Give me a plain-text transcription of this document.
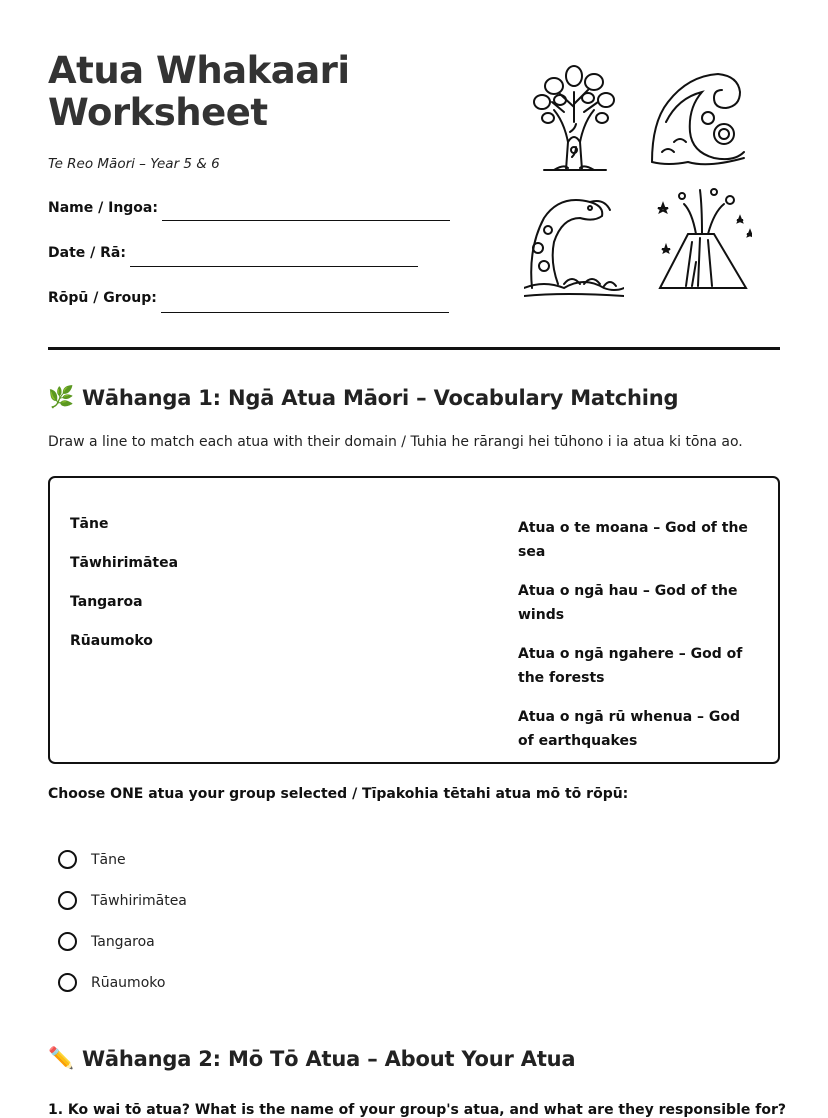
Atua Whakaari
Worksheet
Te Reo Māori – Year 5 & 6
Name / Ingoa:
Date / Rā:
Rōpū / Group:
🌿 Wāhanga 1: Ngā Atua Māori – Vocabulary Matching
Draw a line to match each atua with their domain / Tuhia he rārangi hei tūhono i ia atua ki tōna ao.
Tāne
Tāwhirimātea
Tangaroa
Rūaumoko
Atua o te moana – God of the sea
Atua o ngā hau – God of the winds
Atua o ngā ngahere – God of the forests
Atua o ngā rū whenua – God of earthquakes
Choose ONE atua your group selected / Tīpakohia tētahi atua mō tō rōpū:
Tāne
Tāwhirimātea
Tangaroa
Rūaumoko
✏️ Wāhanga 2: Mō Tō Atua – About Your Atua
1. Ko wai tō atua? What is the name of your group's atua, and what are they responsible for?
